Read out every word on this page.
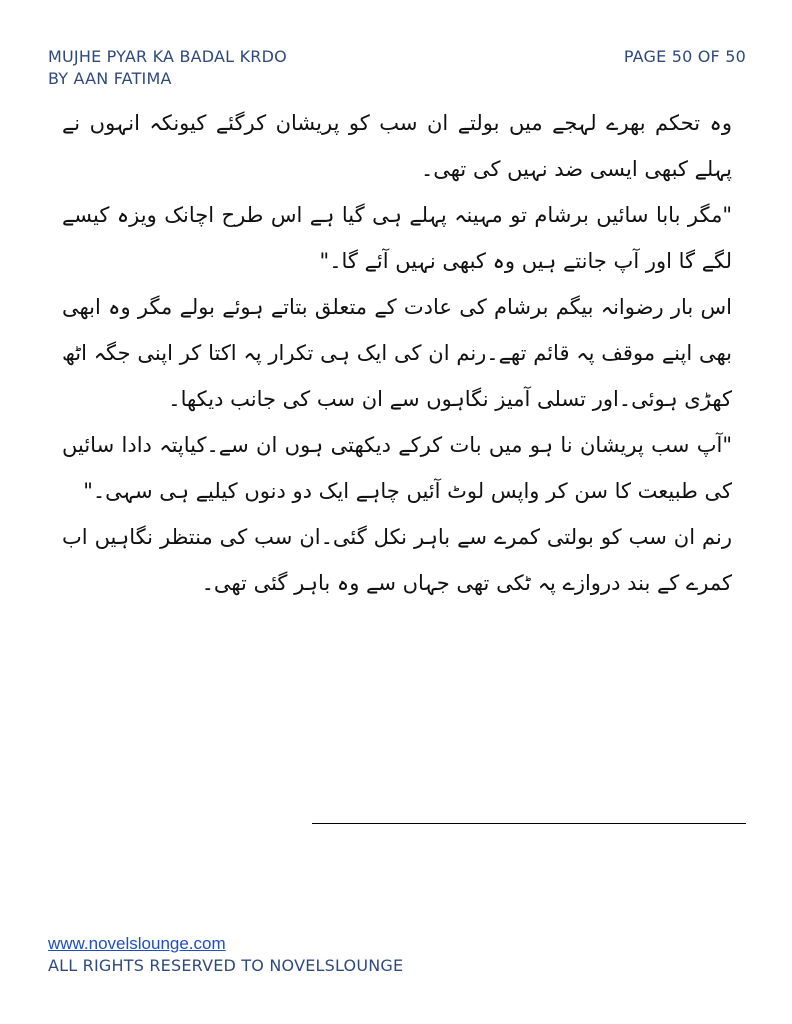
MUJHE PYAR KA BADAL KRDO
BY AAN FATIMA
PAGE 50 OF 50

وہ تحکم بھرے لہجے میں بولتے ان سب کو پریشان کرگئے کیونکہ انہوں نے پہلے کبھی ایسی ضد نہیں کی تھی۔

"مگر بابا سائیں برشام تو مہینہ پہلے ہی گیا ہے اس طرح اچانک ویزہ کیسے لگے گا اور آپ جانتے ہیں وہ کبھی نہیں آئے گا۔"

اس بار رضوانہ بیگم برشام کی عادت کے متعلق بتاتے ہوئے بولے مگر وہ ابھی بھی اپنے موقف پہ قائم تھے۔رنم ان کی ایک ہی تکرار پہ اکتا کر اپنی جگہ اٹھ کھڑی ہوئی۔اور تسلی آمیز نگاہوں سے ان سب کی جانب دیکھا۔

"آپ سب پریشان نا ہو میں بات کرکے دیکھتی ہوں ان سے۔کیاپتہ دادا سائیں کی طبیعت کا سن کر واپس لوٹ آئیں چاہے ایک دو دنوں کیلیے ہی سہی۔"

رنم ان سب کو بولتی کمرے سے باہر نکل گئی۔ان سب کی منتظر نگاہیں اب کمرے کے بند دروازے پہ ٹکی تھی جہاں سے وہ باہر گئی تھی۔

www.novelslounge.com
ALL RIGHTS RESERVED TO NOVELSLOUNGE
